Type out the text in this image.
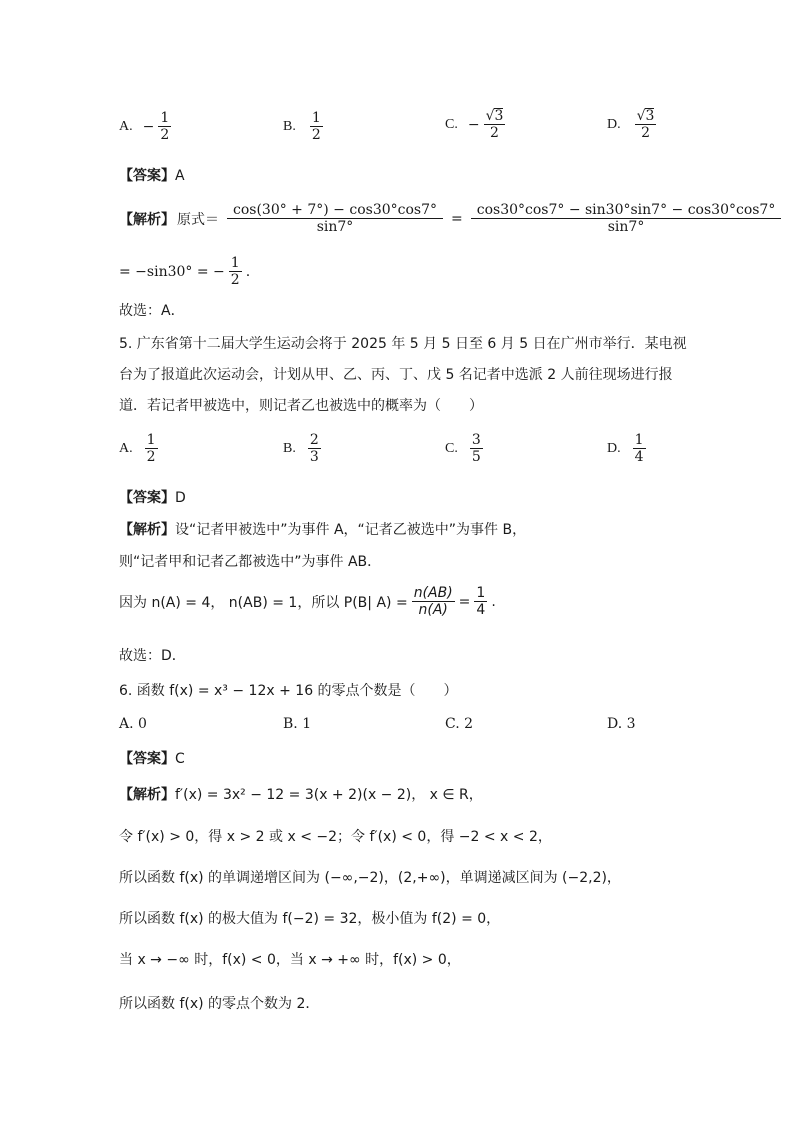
A. − $\frac{1}{2}$	B. $\frac{1}{2}$	C. − $\frac{√3}{2}$	D. $\frac{√3}{2}$
【答案】A
【解析】 原式＝ $\frac{\cos(30^\circ + 7^\circ) - \cos 30^\circ\cos 7^\circ}{\sin 7^\circ} = \frac{\cos 30^\circ\cos 7^\circ - \sin 30^\circ\sin 7^\circ - \cos 30^\circ\cos 7^\circ}{\sin 7^\circ}$
= −sin30° = − $\frac{1}{2}$ .
故选：A．
5. 广东省第十二届大学生运动会将于 2025 年 5 月 5 日至 6 月 5 日在广州市举行．某电视
台为了报道此次运动会，计划从甲、乙、丙、丁、戊 5 名记者中选派 2 人前往现场进行报
道．若记者甲被选中，则记者乙也被选中的概率为（　　）
A. $\frac{1}{2}$	B. $\frac{2}{3}$	C. $\frac{3}{5}$	D. $\frac{1}{4}$
【答案】D
【解析】设“记者甲被选中”为事件 A，“记者乙被选中”为事件 B，
则“记者甲和记者乙都被选中”为事件 AB．
因为 n(A) = 4， n(AB) = 1，所以 P(B| $A) = \frac{n(AB)}{n(A)} = \frac{1}{4}$ .
故选：D．
6. 函数 f(x) = x³ − 12x + 16 的零点个数是（　　）
A. 0	B. 1	C. 2	D. 3
【答案】C
【解析】f′(x) = 3x² − 12 = 3(x + 2)(x − 2)， x ∈ R，
令 f′(x) > 0，得 x > 2 或 x < −2；令 f′(x) < 0，得 −2 < x < 2，
所以函数 f(x) 的单调递增区间为 (−∞,−2)，(2,+∞)，单调递减区间为 (−2,2)，
所以函数 f(x) 的极大值为 f(−2) = 32，极小值为 f(2) = 0，
当 x → −∞ 时，f(x) < 0，当 x → +∞ 时，f(x) > 0，
所以函数 f(x) 的零点个数为 2．
